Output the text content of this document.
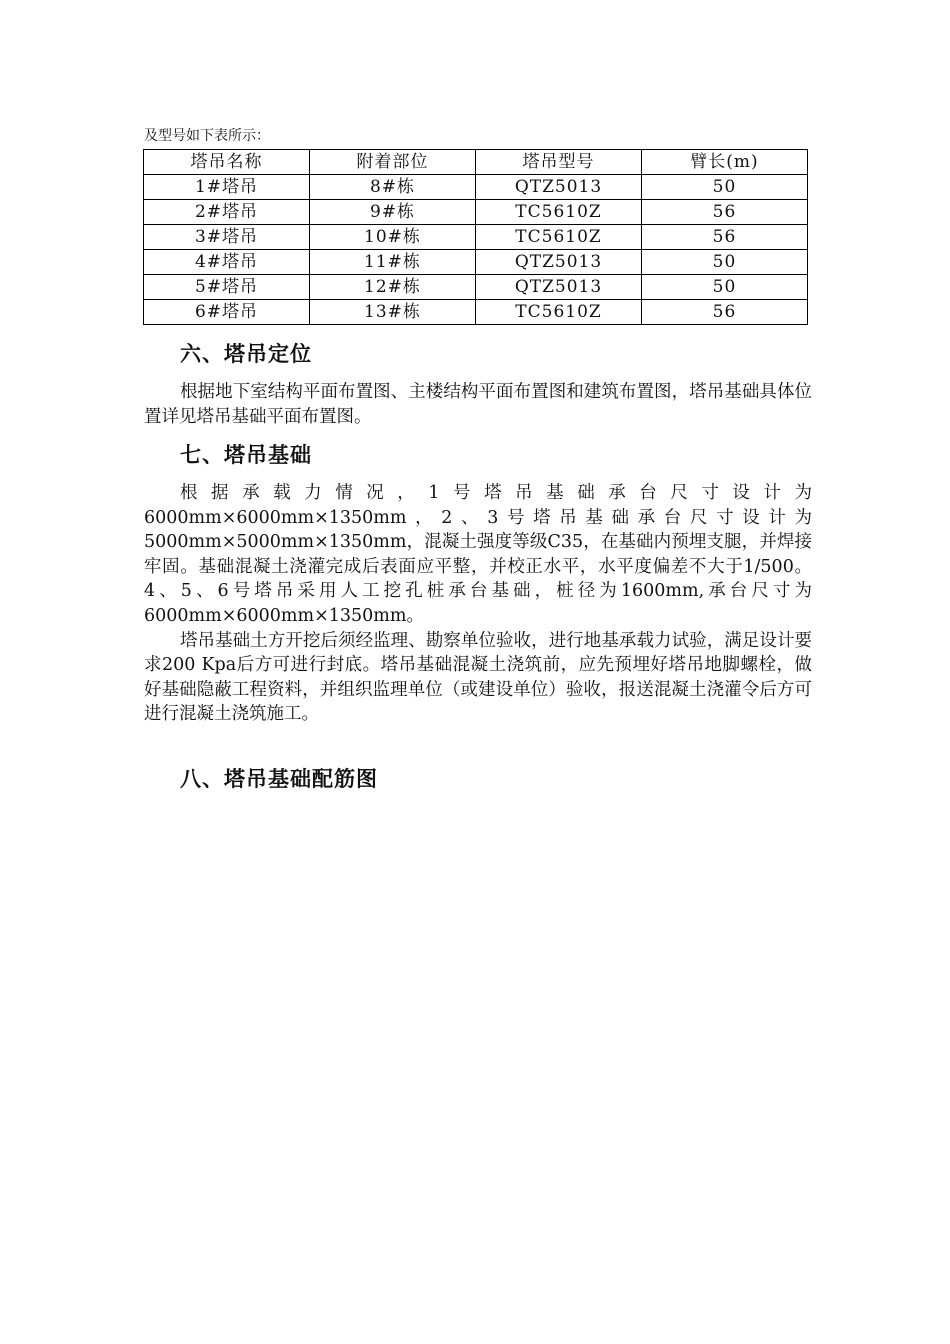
及型号如下表所示：
塔吊名称	附着部位	塔吊型号	臂长(m)
1#塔吊	8#栋	QTZ5013	50
2#塔吊	9#栋	TC5610Z	56
3#塔吊	10#栋	TC5610Z	56
4#塔吊	11#栋	QTZ5013	50
5#塔吊	12#栋	QTZ5013	50
6#塔吊	13#栋	TC5610Z	56
六、塔吊定位

根据地下室结构平面布置图、主楼结构平面布置图和建筑布置图，塔吊基础具体位置详见塔吊基础平面布置图。

七、塔吊基础

根据承载力情况，1号塔吊基础承台尺寸设计为6000mm×6000mm×1350mm，2、3号塔吊基础承台尺寸设计为5000mm×5000mm×1350mm，混凝土强度等级C35，在基础内预埋支腿，并焊接牢固。基础混凝土浇灌完成后表面应平整，并校正水平，水平度偏差不大于1/500。4、5、6号塔吊采用人工挖孔桩承台基础，桩径为1600mm,承台尺寸为　6000mm×6000mm×1350mm。

塔吊基础土方开挖后须经监理、勘察单位验收，进行地基承载力试验，满足设计要求200 Kpa后方可进行封底。塔吊基础混凝土浇筑前，应先预埋好塔吊地脚螺栓，做好基础隐蔽工程资料，并组织监理单位（或建设单位）验收，报送混凝土浇灌令后方可进行混凝土浇筑施工。

八、塔吊基础配筋图
